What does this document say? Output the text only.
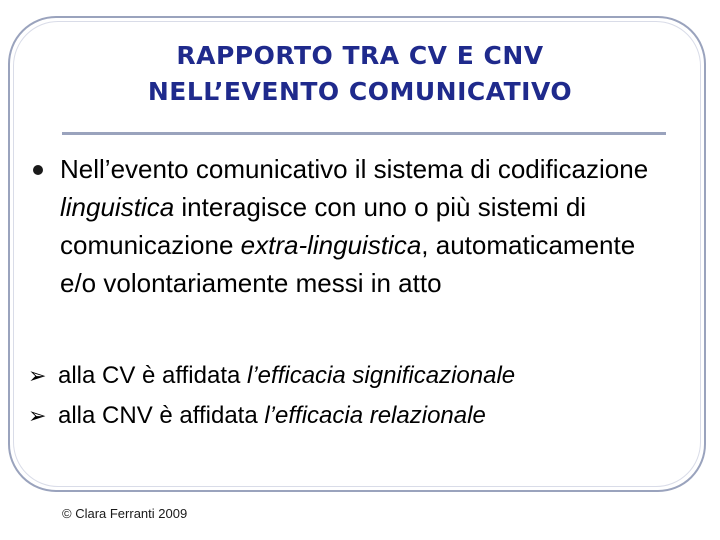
RAPPORTO TRA CV E CNV
NELL’EVENTO COMUNICATIVO
Nell’evento comunicativo il sistema di codificazione linguistica interagisce con uno o più sistemi di comunicazione extra-linguistica, automaticamente e/o volontariamente messi in atto
➢ alla CV è affidata l’efficacia significazionale
➢ alla CNV è affidata l’efficacia relazionale
© Clara Ferranti 2009
